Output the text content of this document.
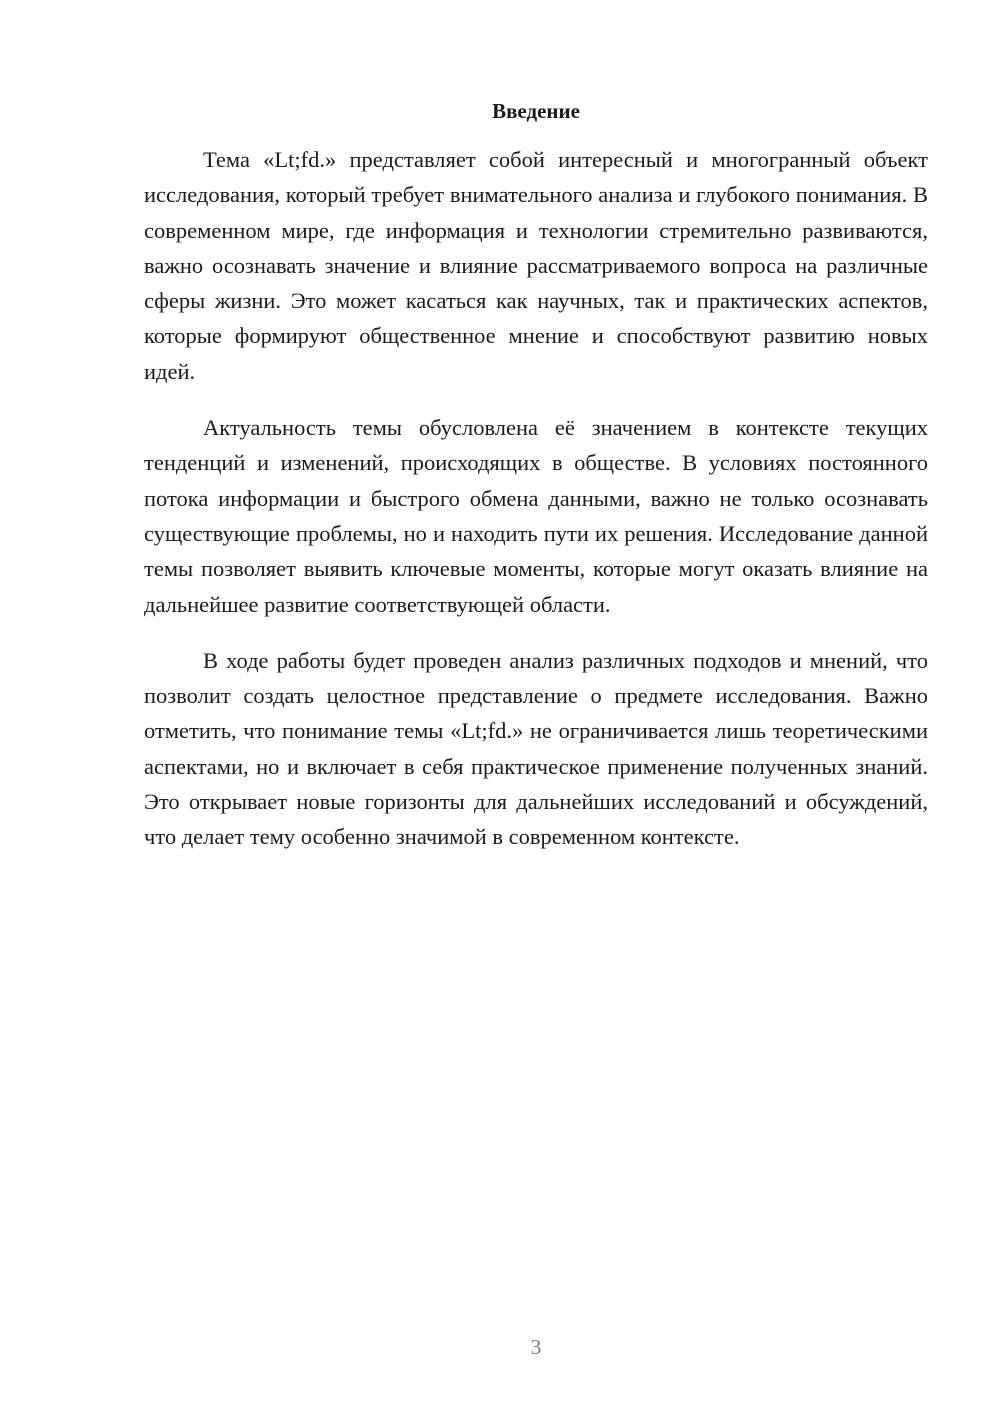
Введение

Тема «Lt;fd.» представляет собой интересный и многогранный объект исследования, который требует внимательного анализа и глубокого понимания. В современном мире, где информация и технологии стремительно развиваются, важно осознавать значение и влияние рассматриваемого вопроса на различные сферы жизни. Это может касаться как научных, так и практических аспектов, которые формируют общественное мнение и способствуют развитию новых идей.

Актуальность темы обусловлена её значением в контексте текущих тенденций и изменений, происходящих в обществе. В условиях постоянного потока информации и быстрого обмена данными, важно не только осознавать существующие проблемы, но и находить пути их решения. Исследование данной темы позволяет выявить ключевые моменты, которые могут оказать влияние на дальнейшее развитие соответствующей области.

В ходе работы будет проведен анализ различных подходов и мнений, что позволит создать целостное представление о предмете исследования. Важно отметить, что понимание темы «Lt;fd.» не ограничивается лишь теоретическими аспектами, но и включает в себя практическое применение полученных знаний. Это открывает новые горизонты для дальнейших исследований и обсуждений, что делает тему особенно значимой в современном контексте.

3
